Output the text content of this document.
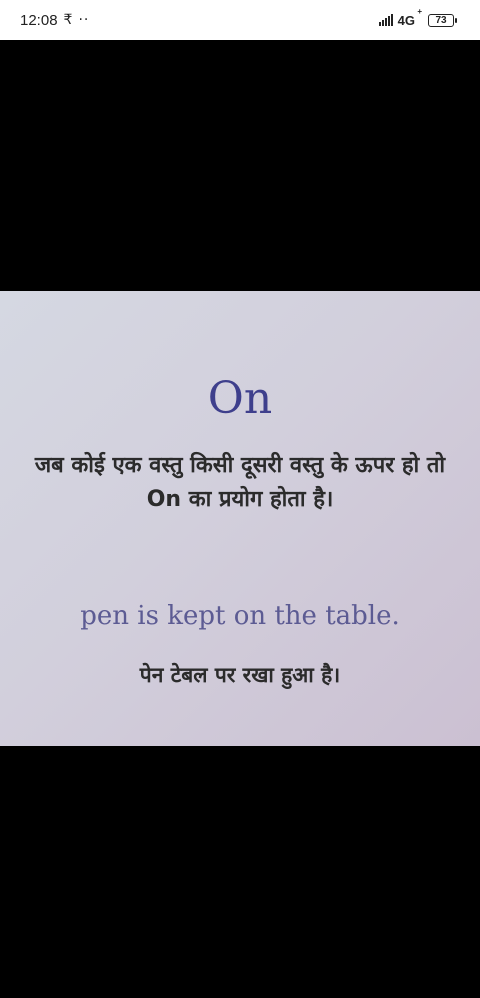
12:08 ₹ ··	4G
+
73
On
जब कोई एक वस्तु किसी दूसरी वस्तु के ऊपर हो तो On का प्रयोग होता है।
pen is kept on the table.
पेन टेबल पर रखा हुआ है।
